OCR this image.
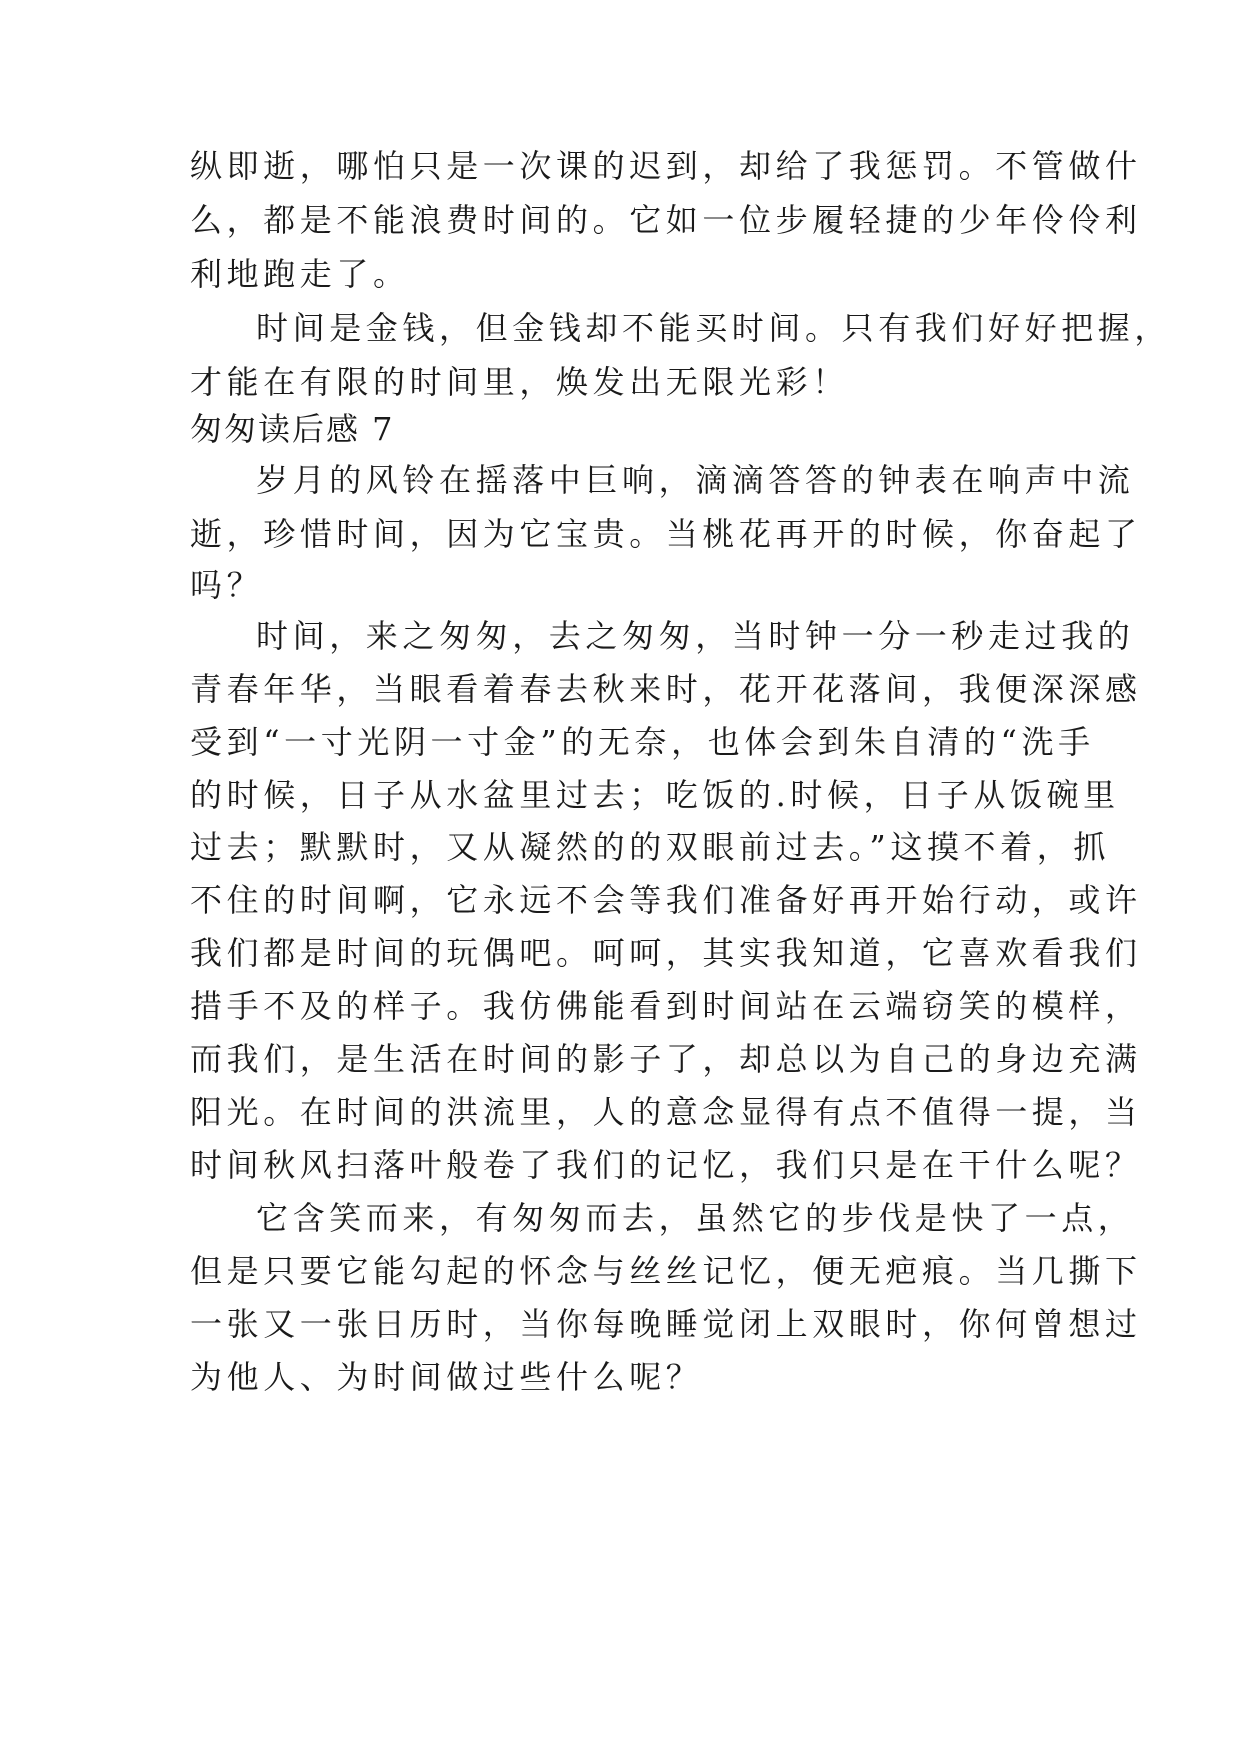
纵即逝，哪怕只是一次课的迟到，却给了我惩罚。不管做什
么，都是不能浪费时间的。它如一位步履轻捷的少年伶伶利
利地跑走了。
时间是金钱，但金钱却不能买时间。只有我们好好把握，
才能在有限的时间里，焕发出无限光彩！
匆匆读后感 7
岁月的风铃在摇落中巨响，滴滴答答的钟表在响声中流
逝，珍惜时间，因为它宝贵。当桃花再开的时候，你奋起了
吗？
时间，来之匆匆，去之匆匆，当时钟一分一秒走过我的
青春年华，当眼看着春去秋来时，花开花落间，我便深深感
受到“一寸光阴一寸金”的无奈，也体会到朱自清的“洗手
的时候，日子从水盆里过去；吃饭的.时候，日子从饭碗里
过去；默默时，又从凝然的的双眼前过去。”这摸不着，抓
不住的时间啊，它永远不会等我们准备好再开始行动，或许
我们都是时间的玩偶吧。呵呵，其实我知道，它喜欢看我们
措手不及的样子。我仿佛能看到时间站在云端窃笑的模样，
而我们，是生活在时间的影子了，却总以为自己的身边充满
阳光。在时间的洪流里，人的意念显得有点不值得一提，当
时间秋风扫落叶般卷了我们的记忆，我们只是在干什么呢？
它含笑而来，有匆匆而去，虽然它的步伐是快了一点，
但是只要它能勾起的怀念与丝丝记忆，便无疤痕。当几撕下
一张又一张日历时，当你每晚睡觉闭上双眼时，你何曾想过
为他人、为时间做过些什么呢？
